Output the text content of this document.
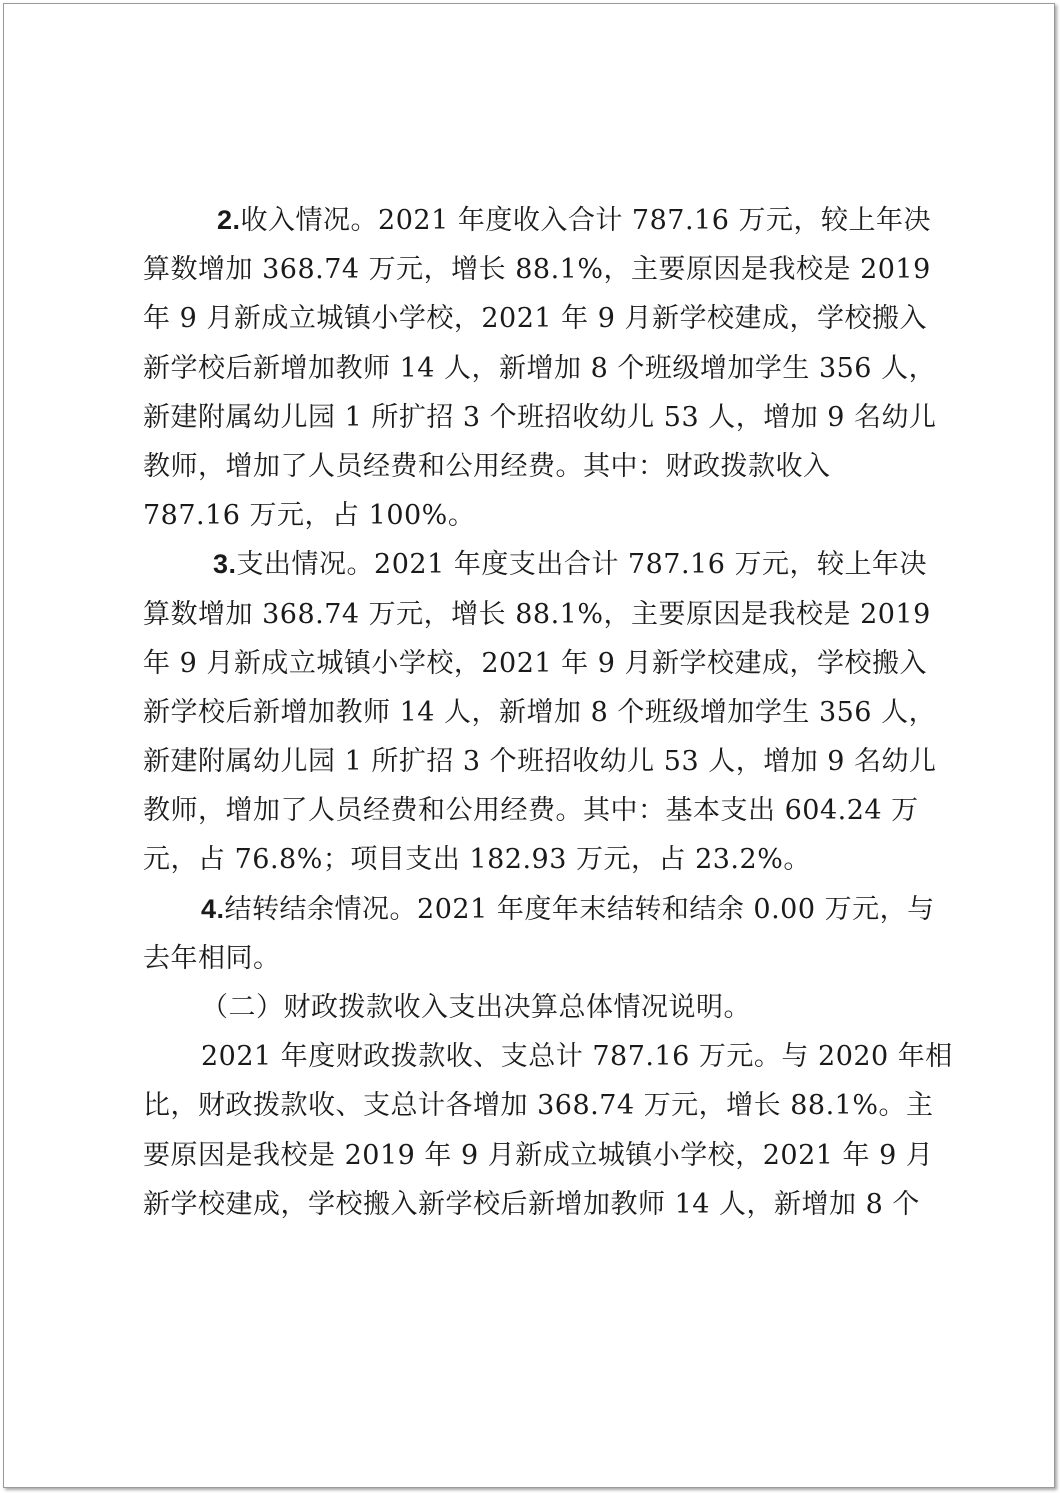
2.收入情况。2021 年度收入合计 787.16 万元，较上年决
算数增加 368.74 万元，增长 88.1%，主要原因是我校是 2019
年 9 月新成立城镇小学校，2021 年 9 月新学校建成，学校搬入
新学校后新增加教师 14 人，新增加 8 个班级增加学生 356 人，
新建附属幼儿园 1 所扩招 3 个班招收幼儿 53 人，增加 9 名幼儿
教师，增加了人员经费和公用经费。其中：财政拨款收入
787.16 万元，占 100%。
3.支出情况。2021 年度支出合计 787.16 万元，较上年决
算数增加 368.74 万元，增长 88.1%，主要原因是我校是 2019
年 9 月新成立城镇小学校，2021 年 9 月新学校建成，学校搬入
新学校后新增加教师 14 人，新增加 8 个班级增加学生 356 人，
新建附属幼儿园 1 所扩招 3 个班招收幼儿 53 人，增加 9 名幼儿
教师，增加了人员经费和公用经费。其中：基本支出 604.24 万
元，占 76.8%；项目支出 182.93 万元，占 23.2%。
4.结转结余情况。2021 年度年末结转和结余 0.00 万元，与
去年相同。
（二）财政拨款收入支出决算总体情况说明。
2021 年度财政拨款收、支总计 787.16 万元。与 2020 年相
比，财政拨款收、支总计各增加 368.74 万元，增长 88.1%。主
要原因是我校是 2019 年 9 月新成立城镇小学校，2021 年 9 月
新学校建成，学校搬入新学校后新增加教师 14 人，新增加 8 个
